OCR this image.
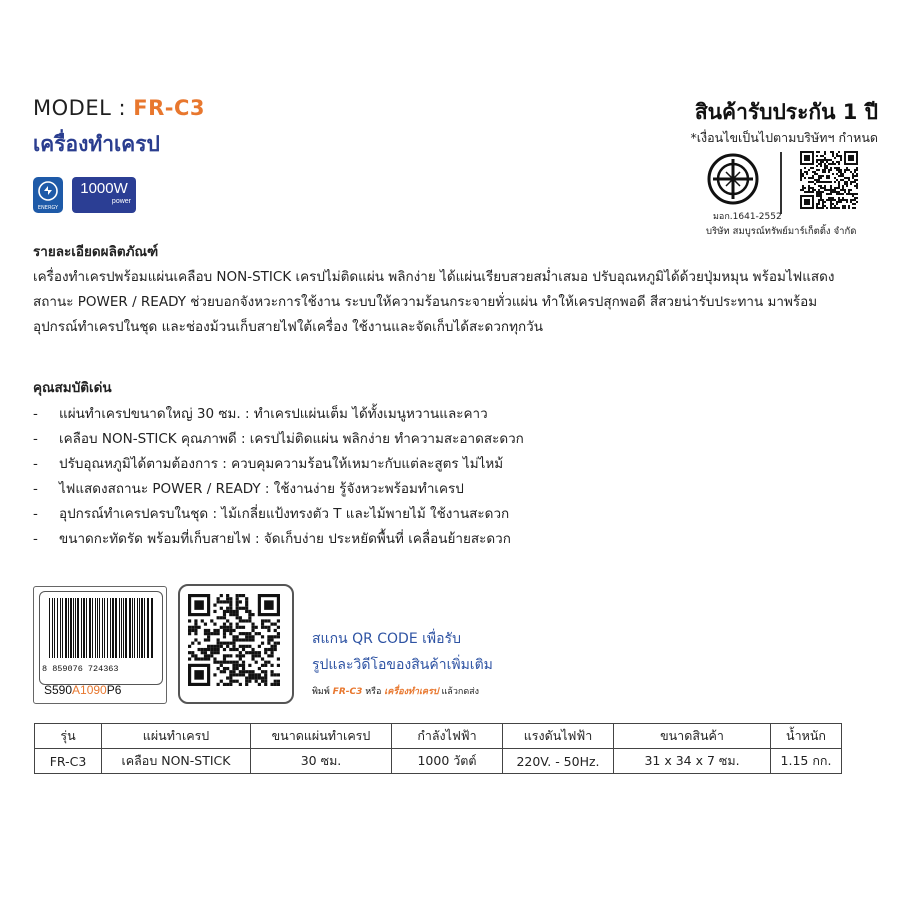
MODEL : FR-C3
เครื่องทำเครป
ENERGY
1000W
power
สินค้ารับประกัน 1 ปี
*เงื่อนไขเป็นไปตามบริษัทฯ กำหนด
มอก.1641-2552
บริษัท สมบูรณ์ทรัพย์มาร์เก็ตติ้ง จำกัด
รายละเอียดผลิตภัณฑ์

เครื่องทำเครปพร้อมแผ่นเคลือบ NON-STICK เครปไม่ติดแผ่น พลิกง่าย ได้แผ่นเรียบสวยสม่ำเสมอ ปรับอุณหภูมิได้ด้วยปุ่มหมุน พร้อมไฟแสดง

สถานะ POWER / READY ช่วยบอกจังหวะการใช้งาน ระบบให้ความร้อนกระจายทั่วแผ่น ทำให้เครปสุกพอดี สีสวยน่ารับประทาน มาพร้อม

อุปกรณ์ทำเครปในชุด และช่องม้วนเก็บสายไฟใต้เครื่อง ใช้งานและจัดเก็บได้สะดวกทุกวัน

คุณสมบัติเด่น
- แผ่นทำเครปขนาดใหญ่ 30 ซม. : ทำเครปแผ่นเต็ม ได้ทั้งเมนูหวานและคาว
- เคลือบ NON-STICK คุณภาพดี : เครปไม่ติดแผ่น พลิกง่าย ทำความสะอาดสะดวก
- ปรับอุณหภูมิได้ตามต้องการ : ควบคุมความร้อนให้เหมาะกับแต่ละสูตร ไม่ไหม้
- ไฟแสดงสถานะ POWER / READY : ใช้งานง่าย รู้จังหวะพร้อมทำเครป
- อุปกรณ์ทำเครปครบในชุด : ไม้เกลี่ยแป้งทรงตัว T และไม้พายไม้ ใช้งานสะดวก
- ขนาดกะทัดรัด พร้อมที่เก็บสายไฟ : จัดเก็บง่าย ประหยัดพื้นที่ เคลื่อนย้ายสะดวก
8 859076 724363
S590A1090P6
สแกน QR CODE เพื่อรับ
รูปและวิดีโอของสินค้าเพิ่มเติม
พิมพ์ FR-C3 หรือ เครื่องทำเครป แล้วกดส่ง
รุ่น	แผ่นทำเครป	ขนาดแผ่นทำเครป	กำลังไฟฟ้า	แรงดันไฟฟ้า	ขนาดสินค้า	น้ำหนัก
FR-C3	เคลือบ NON-STICK	30 ซม.	1000 วัตต์	220V. - 50Hz.	31 x 34 x 7 ซม.	1.15 กก.
